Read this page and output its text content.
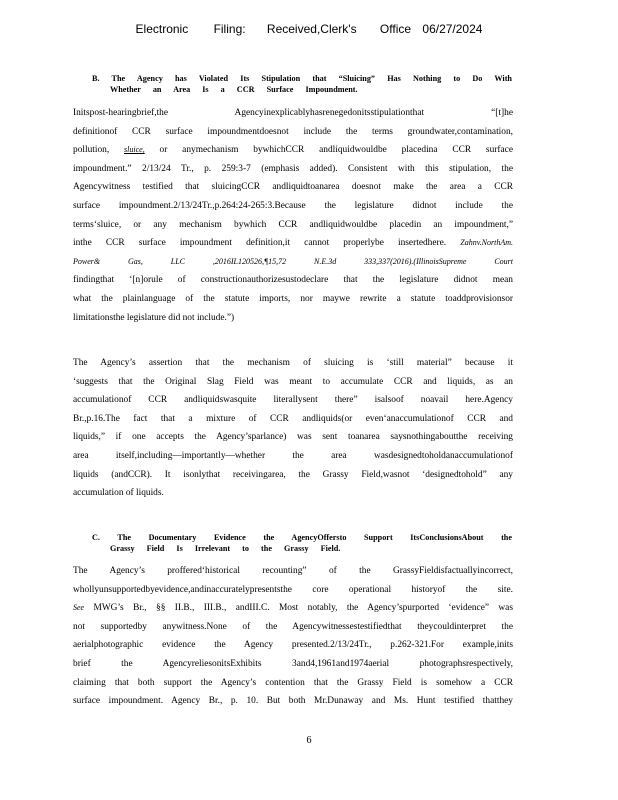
Electronic Filing: Received,Clerk's Office 06/27/2024
B. The Agency has Violated Its Stipulation that “Sluicing” Has Nothing to Do With
Whether an Area Is a CCR Surface Impoundment.
Initspost-hearingbrief,the Agencyinexplicablyhasrenegedonitsstipulationthat “[t]he
definitionof CCR surface impoundmentdoesnot include the terms groundwater,contamination,
pollution, sluice, or anymechanism bywhichCCR andliquidwouldbe placedina CCR surface
impoundment.” 2/13/24 Tr., p. 259:3-7 (emphasis added). Consistent with this stipulation, the
Agencywitness testified that sluicingCCR andliquidtoanarea doesnot make the area a CCR
surface impoundment.2/13/24Tr.,p.264:24-265:3.Because the legislature didnot include the
terms‘sluice, or any mechanism bywhich CCR andliquidwouldbe placedin an impoundment,”
inthe CCR surface impoundment definition,it cannot properlybe insertedhere. Zahnv.NorthAm.
Power& Gas, LLC ,2016IL120526,¶15,72 N.E.3d 333,337(2016).(IllinoisSupreme Court
findingthat ‘[n]orule of constructionauthorizesustodeclare that the legislature didnot mean
what the plainlanguage of the statute imports, nor maywe rewrite a statute toaddprovisionsor
limitationsthe legislature did not include.”)
The Agency’s assertion that the mechanism of sluicing is ‘still material” because it
‘suggests that the Original Slag Field was meant to accumulate CCR and liquids, as an
accumulationof CCR andliquidswasquite literallysent there” isalsoof noavail here.Agency
Br.,p.16.The fact that a mixture of CCR andliquids(or even‘anaccumulationof CCR and
liquids,” if one accepts the Agency’sparlance) was sent toanarea saysnothingaboutthe receiving
area itself,including—importantly—whether the area wasdesignedtoholdanaccumulationof
liquids (andCCR). It isonlythat receivingarea, the Grassy Field,wasnot ‘designedtohold” any
accumulation of liquids.
C. The Documentary Evidence the AgencyOffersto Support ItsConclusionsAbout the
Grassy Field Is Irrelevant to the Grassy Field.
The Agency’s proffered‘historical recounting” of the GrassyFieldisfactuallyincorrect,
whollyunsupportedbyevidence,andinaccuratelypresentsthe core operational historyof the site.
See MWG’s Br., §§ II.B., III.B., andIII.C. Most notably, the Agency’spurported ‘evidence” was
not supportedby anywitness.None of the Agencywitnessestestifiedthat theycouldinterpret the
aerialphotographic evidence the Agency presented.2/13/24Tr., p.262-321.For example,inits
brief the AgencyreliesonitsExhibits 3and4,1961and1974aerial photographsrespectively,
claiming that both support the Agency’s contention that the Grassy Field is somehow a CCR
surface impoundment. Agency Br., p. 10. But both Mr.Dunaway and Ms. Hunt testified thatthey
6
